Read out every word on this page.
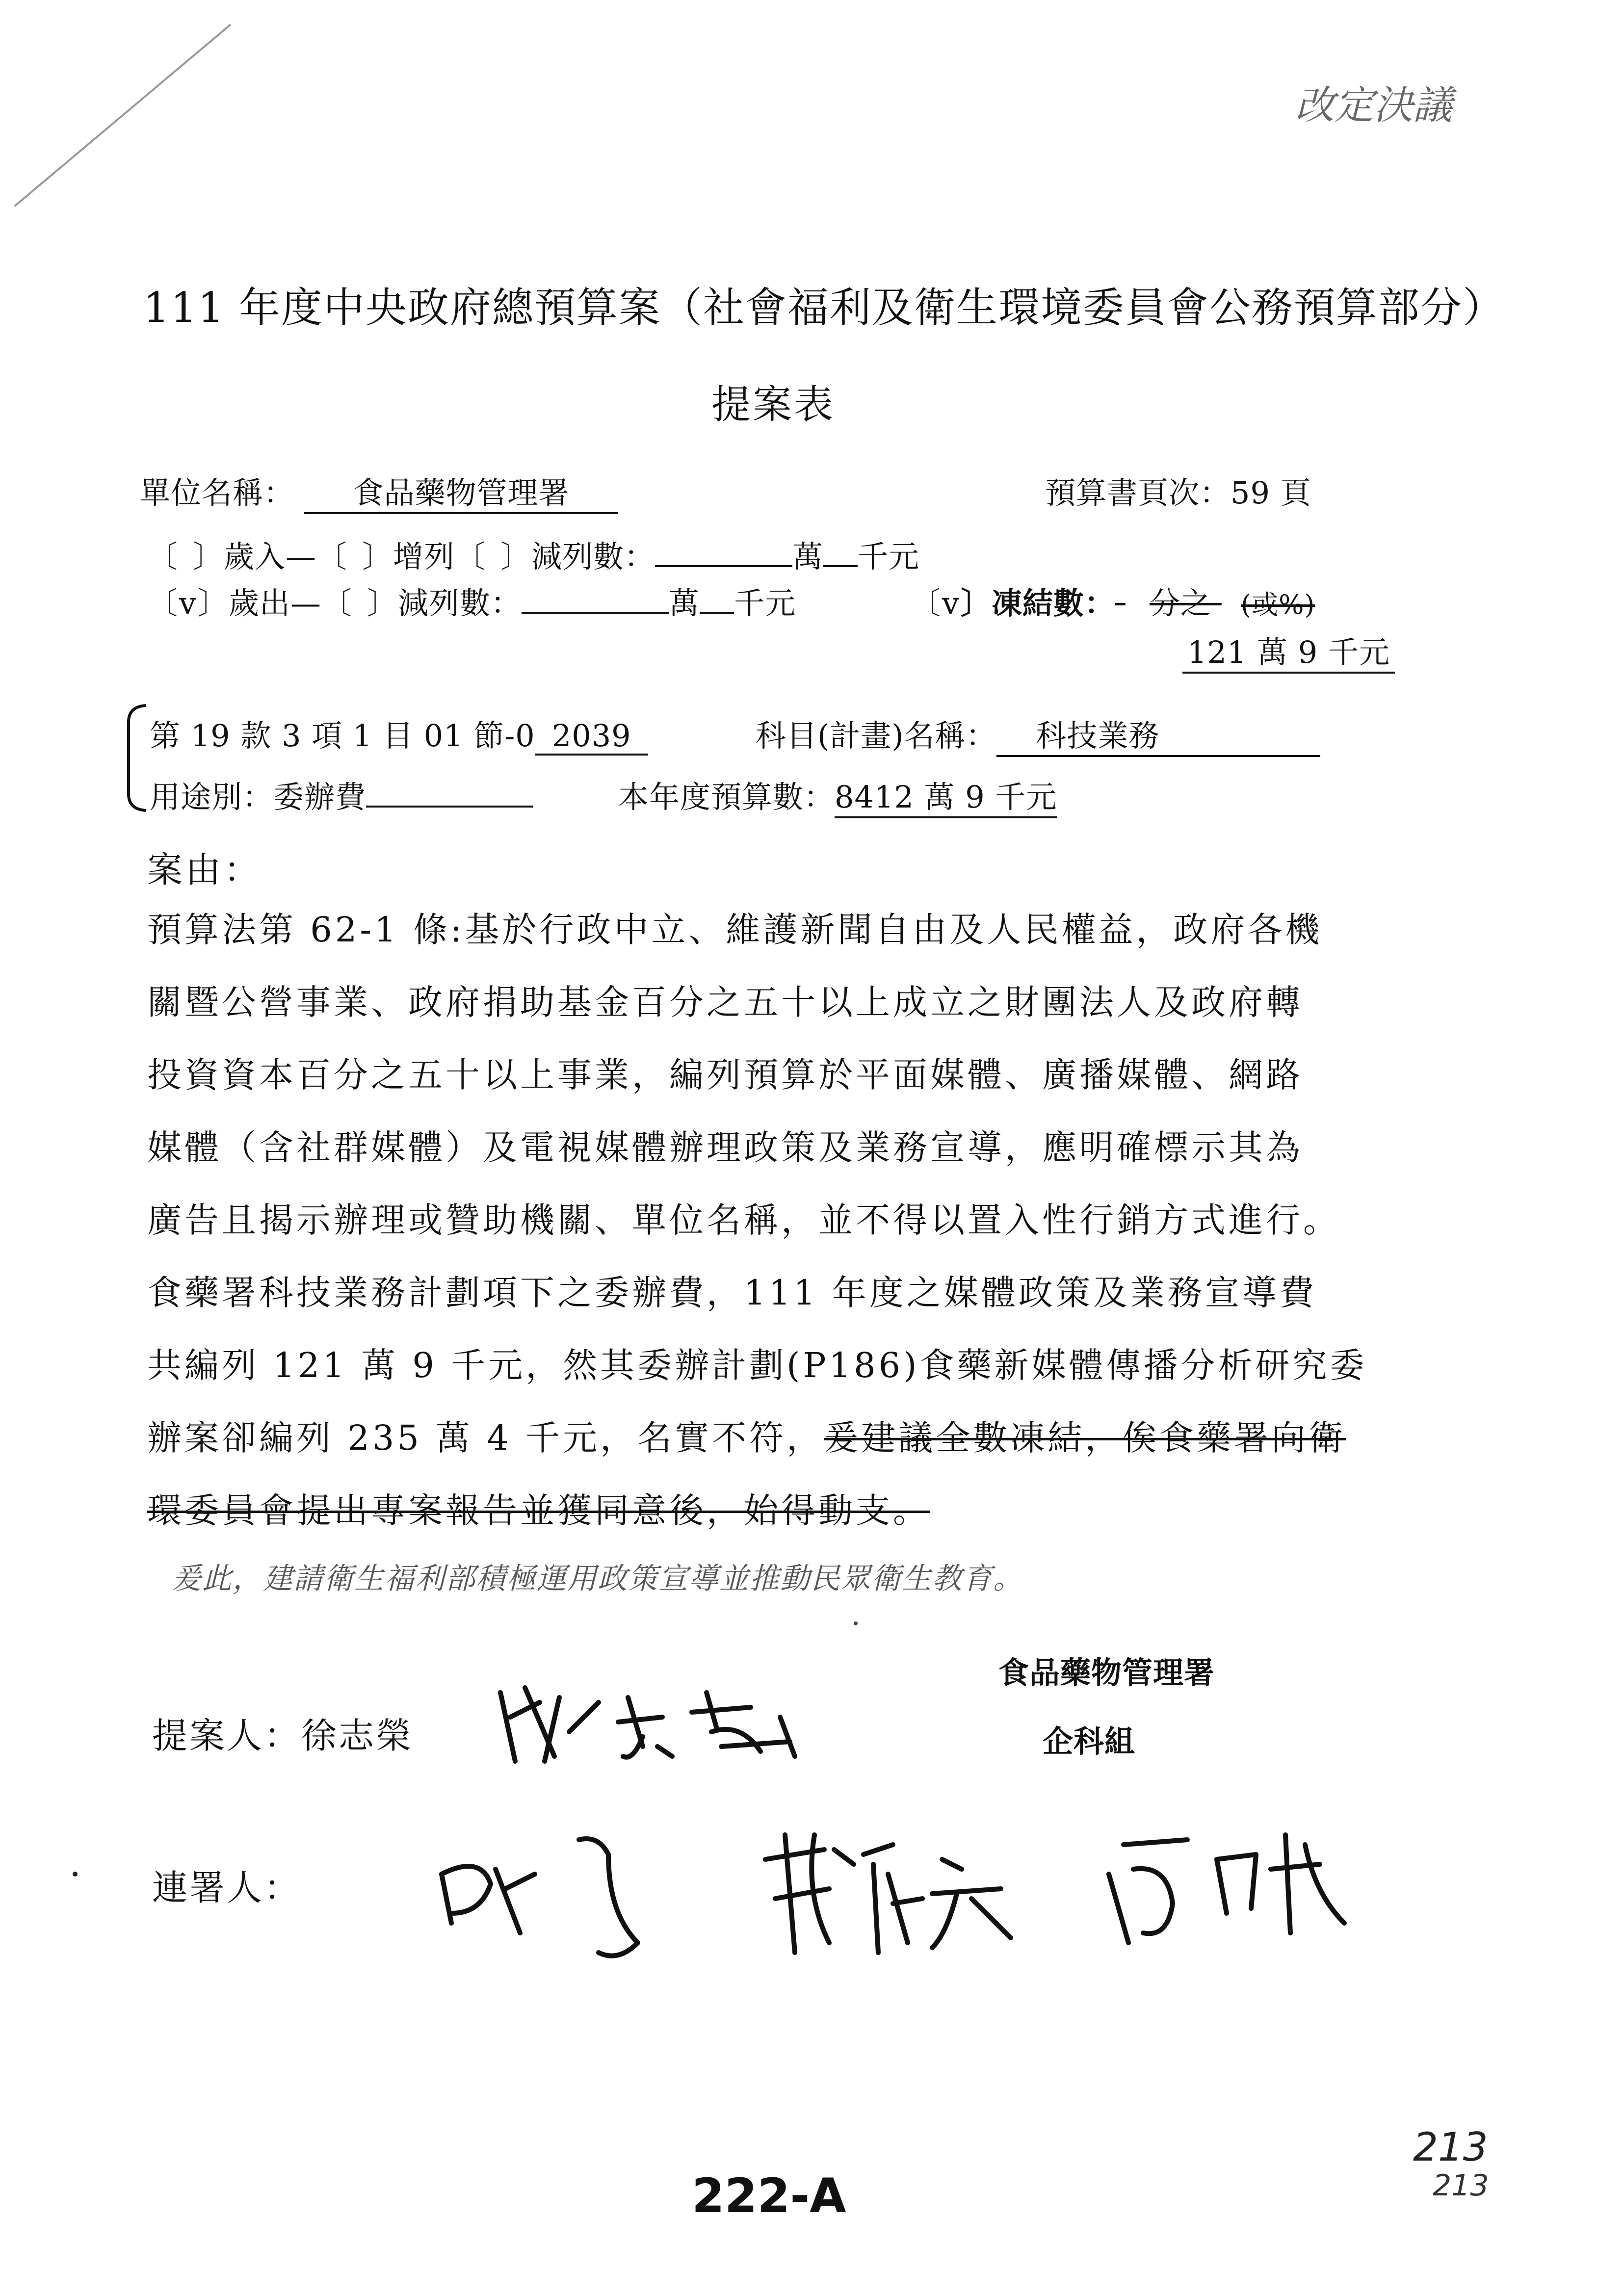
改定決議
111 年度中央政府總預算案（社會福利及衛生環境委員會公務預算部分）
提案表
單位名稱： 食品藥物管理署	預算書頁次：59 頁
〔 〕歲入—〔 〕增列〔 〕減列數：	萬 千元
〔v〕歲出—〔 〕減列數：	萬 千元	〔v〕凍結數： 分之 (或%)
121 萬 9 千元
第 19 款 3 項 1 目 01 節-0 2039	科目(計畫)名稱： 科技業務
用途別：委辦費	本年度預算數：8412 萬 9 千元
案由：
預算法第 62-1 條:基於行政中立、維護新聞自由及人民權益，政府各機
關暨公營事業、政府捐助基金百分之五十以上成立之財團法人及政府轉
投資資本百分之五十以上事業，編列預算於平面媒體、廣播媒體、網路
媒體（含社群媒體）及電視媒體辦理政策及業務宣導，應明確標示其為
廣告且揭示辦理或贊助機關、單位名稱，並不得以置入性行銷方式進行。
食藥署科技業務計劃項下之委辦費，111 年度之媒體政策及業務宣導費
共編列 121 萬 9 千元，然其委辦計劃(P186)食藥新媒體傳播分析研究委
辦案卻編列 235 萬 4 千元，名實不符，爰建議全數凍結，俟食藥署向衛
環委員會提出專案報告並獲同意後，始得動支。
爰此，建請衛生福利部積極運用政策宣導並推動民眾衛生教育。
食品藥物管理署
企科組
提案人：徐志榮
連署人：
222-A
213
213
